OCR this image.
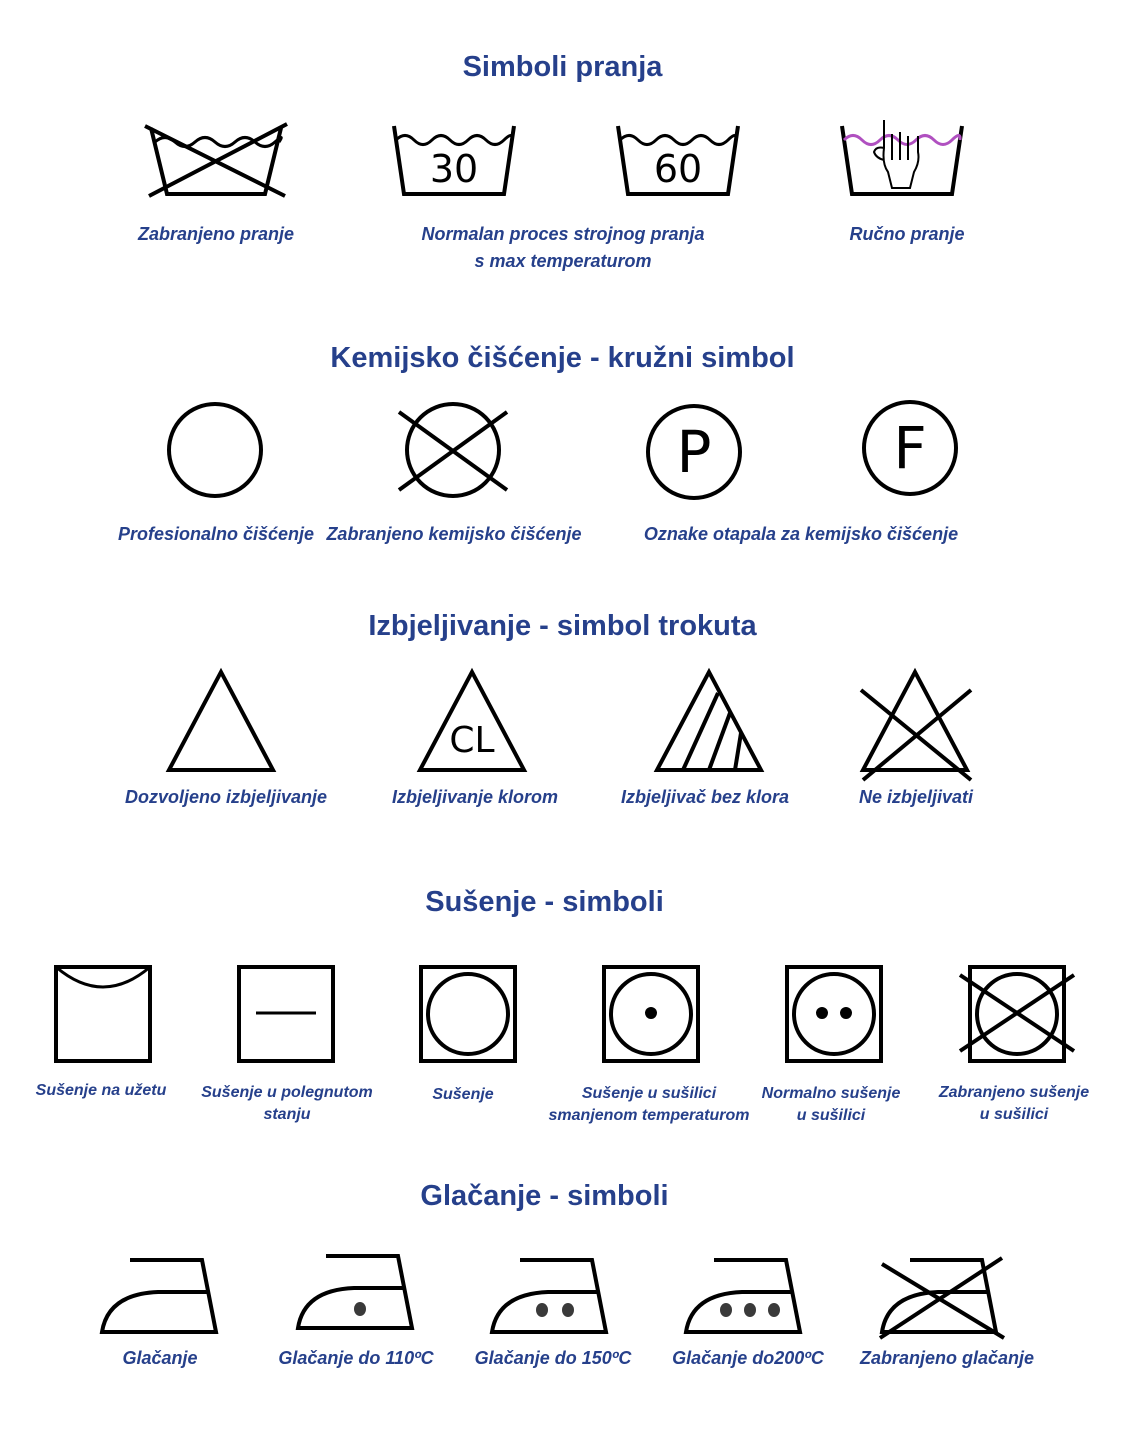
Simboli pranja
30	60
Zabranjeno pranje	Normalan proces strojnog pranja
s max temperaturom
Ručno pranje
Kemijsko čišćenje - kružni simbol
P	F
Profesionalno čišćenje Zabranjeno kemijsko čišćenje	Oznake otapala za kemijsko čišćenje
Izbjeljivanje - simbol trokuta
CL
Dozvoljeno izbjeljivanje	Izbjeljivanje klorom	Izbjeljivač bez klora	Ne izbjeljivati
Sušenje - simboli
Sušenje na užetu Sušenje u polegnutom
stanju
Sušenje	Sušenje u sušilici
smanjenom temperaturom
Normalno sušenje
u sušilici
Zabranjeno sušenje
u sušilici
Glačanje - simboli
Glačanje	Glačanje do 110ºC Glačanje do 150ºC Glačanje do200ºC Zabranjeno glačanje
